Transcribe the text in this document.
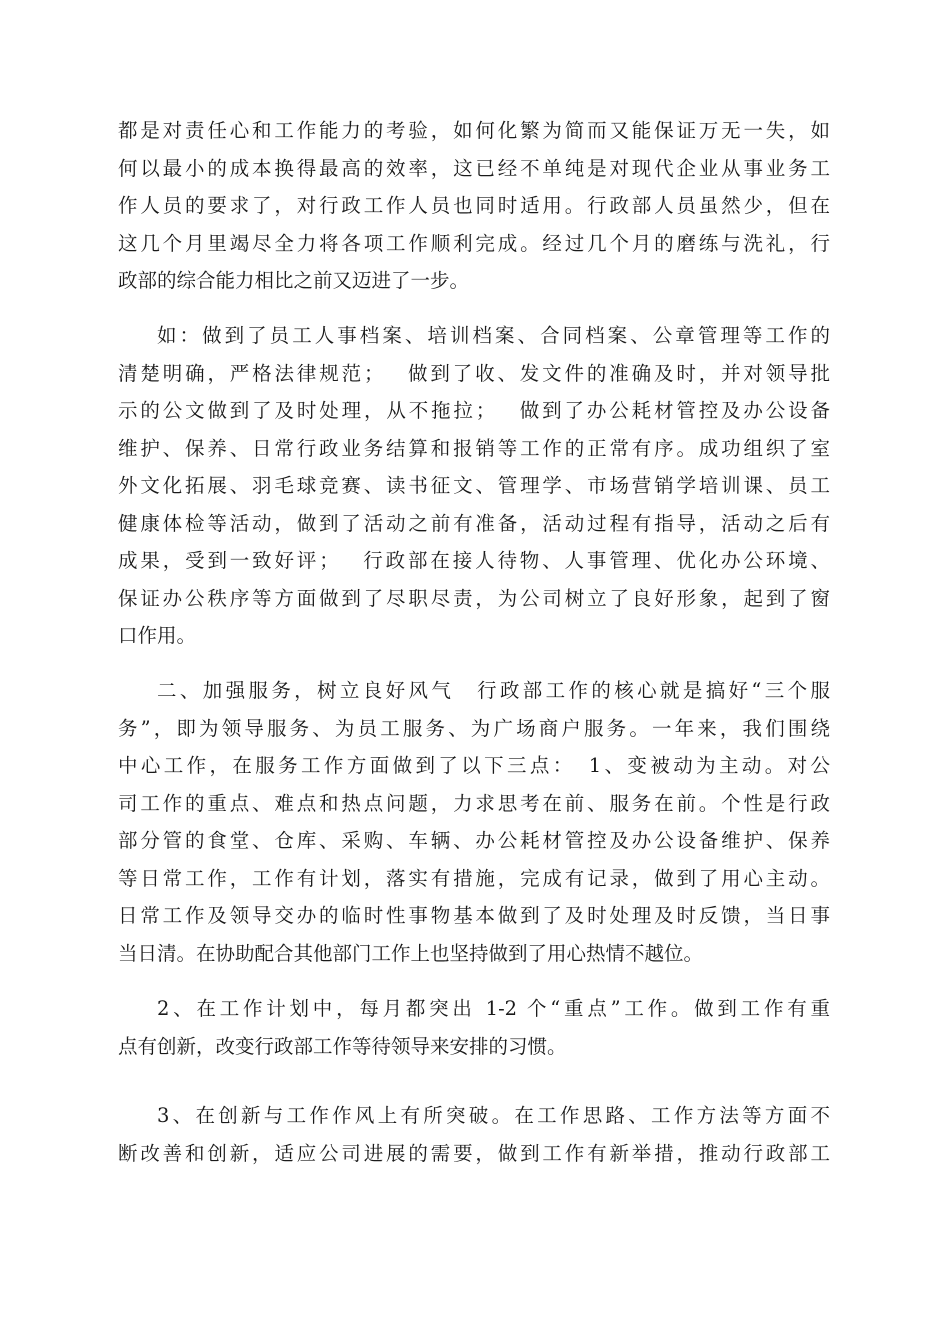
都是对责任心和工作能力的考验，如何化繁为简而又能保证万无一失，如
何以最小的成本换得最高的效率，这已经不单纯是对现代企业从事业务工
作人员的要求了，对行政工作人员也同时适用。行政部人员虽然少，但在
这几个月里竭尽全力将各项工作顺利完成。经过几个月的磨练与洗礼，行
政部的综合能力相比之前又迈进了一步。
如：做到了员工人事档案、培训档案、合同档案、公章管理等工作的
清楚明确，严格法律规范；　 做到了收、发文件的准确及时，并对领导批
示的公文做到了及时处理，从不拖拉；　 做到了办公耗材管控及办公设备
维护、保养、日常行政业务结算和报销等工作的正常有序。成功组织了室
外文化拓展、羽毛球竞赛、读书征文、管理学、市场营销学培训课、员工
健康体检等活动，做到了活动之前有准备，活动过程有指导，活动之后有
成果，受到一致好评；　 行政部在接人待物、人事管理、优化办公环境、
保证办公秩序等方面做到了尽职尽责，为公司树立了良好形象，起到了窗
口作用。
二、加强服务，树立良好风气　行政部工作的核心就是搞好“三个服
务”，即为领导服务、为员工服务、为广场商户服务。一年来，我们围绕
中心工作，在服务工作方面做到了以下三点：　1、变被动为主动。对公
司工作的重点、难点和热点问题，力求思考在前、服务在前。个性是行政
部分管的食堂、仓库、采购、车辆、办公耗材管控及办公设备维护、保养
等日常工作，工作有计划，落实有措施，完成有记录，做到了用心主动。
日常工作及领导交办的临时性事物基本做到了及时处理及时反馈，当日事
当日清。在协助配合其他部门工作上也坚持做到了用心热情不越位。
2、在工作计划中，每月都突出 1-2 个“重点”工作。做到工作有重
点有创新，改变行政部工作等待领导来安排的习惯。
3、在创新与工作作风上有所突破。在工作思路、工作方法等方面不
断改善和创新，适应公司进展的需要，做到工作有新举措，推动行政部工
